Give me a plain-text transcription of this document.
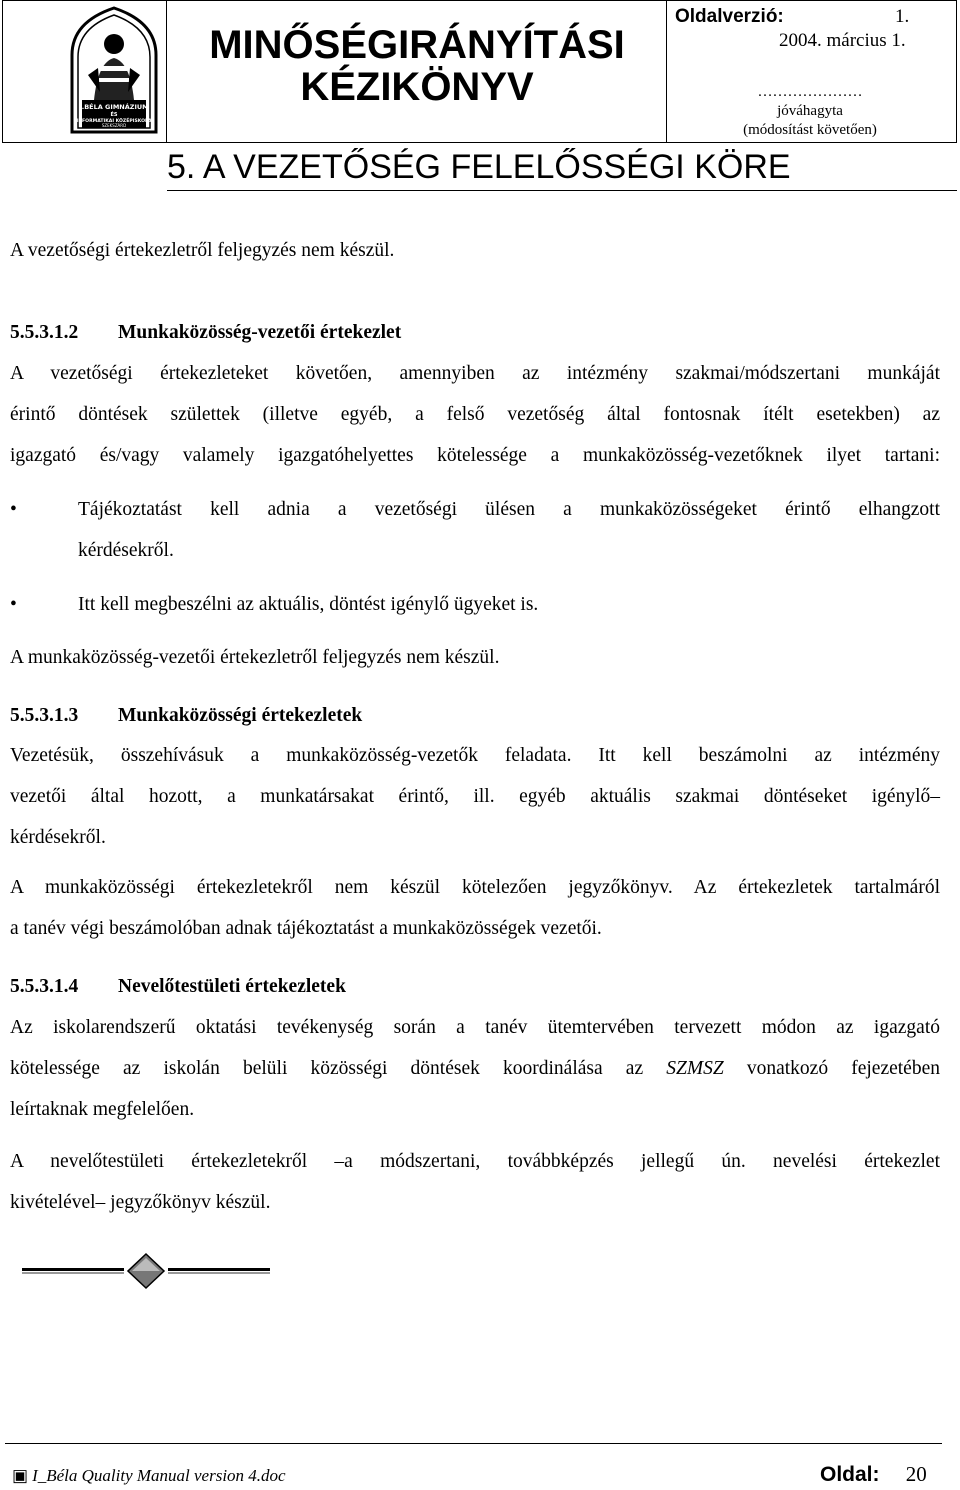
I.BÉLA GIMNÁZIUM
ÉS
INFORMATIKAI KÖZÉPISKOLA
SZEKSZÁRD
MINŐSÉGIRÁNYÍTÁSI
KÉZIKÖNYV
Oldalverzió:	1.
2004. március 1.
…………………
jóváhagyta
(módosítást követően)
5. A VEZETŐSÉG FELELŐSSÉGI KÖRE
A vezetőségi értekezletről feljegyzés nem készül.
5.5.3.1.2 Munkaközösség-vezetői értekezlet
A vezetőségi értekezleteket követően, amennyiben az intézmény szakmai/módszertani munkáját
érintő döntések születtek (illetve egyéb, a felső vezetőség által fontosnak ítélt esetekben) az
igazgató és/vagy valamely igazgatóhelyettes kötelessége a munkaközösség-vezetőknek ilyet tartani:
•	Tájékoztatást kell adnia a vezetőségi ülésen a munkaközösségeket érintő elhangzott
kérdésekről.
•	Itt kell megbeszélni az aktuális, döntést igénylő ügyeket is.
A munkaközösség-vezetői értekezletről feljegyzés nem készül.
5.5.3.1.3 Munkaközösségi értekezletek
Vezetésük, összehívásuk a munkaközösség-vezetők feladata. Itt kell beszámolni az intézmény
vezetői által hozott, a munkatársakat érintő, ill. egyéb aktuális szakmai döntéseket igénylő–
kérdésekről.
A munkaközösségi értekezletekről nem készül kötelezően jegyzőkönyv. Az értekezletek tartalmáról
a tanév végi beszámolóban adnak tájékoztatást a munkaközösségek vezetői.
5.5.3.1.4 Nevelőtestületi értekezletek
Az iskolarendszerű oktatási tevékenység során a tanév ütemtervében tervezett módon az igazgató
kötelessége az iskolán belüli közösségi döntések koordinálása az SZMSZ vonatkozó fejezetében
leírtaknak megfelelően.
A nevelőtestületi értekezletekről –a módszertani, továbbképzés jellegű ún. nevelési értekezlet
kivételével– jegyzőkönyv készül.
▣ I_Béla Quality Manual version 4.doc	Oldal: 20
